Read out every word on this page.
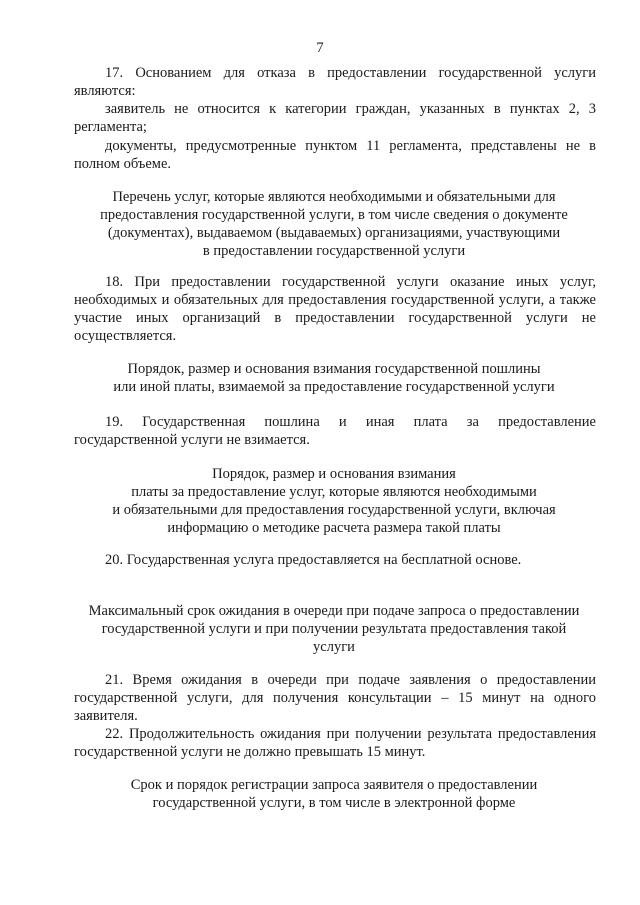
7
17. Основанием для отказа в предоставлении государственной услуги
являются:
заявитель не относится к категории граждан, указанных в пунктах 2, 3
регламента;
документы, предусмотренные пунктом 11 регламента, представлены не в
полном объеме.
Перечень услуг, которые являются необходимыми и обязательными для
предоставления государственной услуги, в том числе сведения о документе
(документах), выдаваемом (выдаваемых) организациями, участвующими
в предоставлении государственной услуги
18. При предоставлении государственной услуги оказание иных услуг,
необходимых и обязательных для предоставления государственной услуги, а также
участие иных организаций в предоставлении государственной услуги не
осуществляется.
Порядок, размер и основания взимания государственной пошлины
или иной платы, взимаемой за предоставление государственной услуги
19. Государственная пошлина и иная плата за предоставление
государственной услуги не взимается.
Порядок, размер и основания взимания
платы за предоставление услуг, которые являются необходимыми
и обязательными для предоставления государственной услуги, включая
информацию о методике расчета размера такой платы
20. Государственная услуга предоставляется на бесплатной основе.
Максимальный срок ожидания в очереди при подаче запроса о предоставлении
государственной услуги и при получении результата предоставления такой
услуги
21. Время ожидания в очереди при подаче заявления о предоставлении
государственной услуги, для получения консультации – 15 минут на одного
заявителя.
22. Продолжительность ожидания при получении результата предоставления
государственной услуги не должно превышать 15 минут.
Срок и порядок регистрации запроса заявителя о предоставлении
государственной услуги, в том числе в электронной форме
